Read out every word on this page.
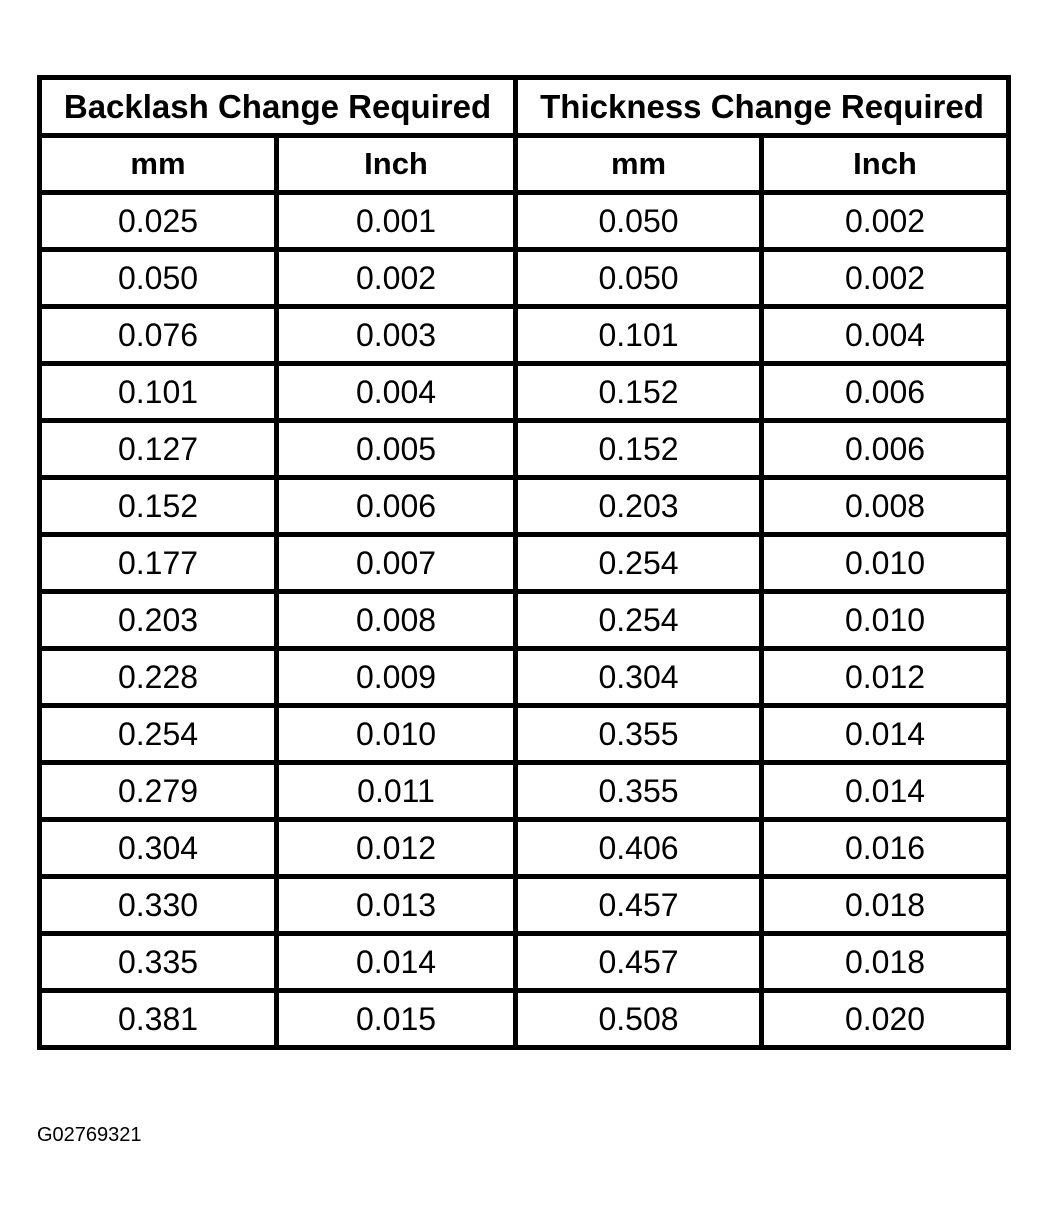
Backlash Change Required		Thickness Change Required	
mm	Inch	mm	Inch
0.025	0.001	0.050	0.002
0.050	0.002	0.050	0.002
0.076	0.003	0.101	0.004
0.101	0.004	0.152	0.006
0.127	0.005	0.152	0.006
0.152	0.006	0.203	0.008
0.177	0.007	0.254	0.010
0.203	0.008	0.254	0.010
0.228	0.009	0.304	0.012
0.254	0.010	0.355	0.014
0.279	0.011	0.355	0.014
0.304	0.012	0.406	0.016
0.330	0.013	0.457	0.018
0.335	0.014	0.457	0.018
0.381	0.015	0.508	0.020
G02769321
